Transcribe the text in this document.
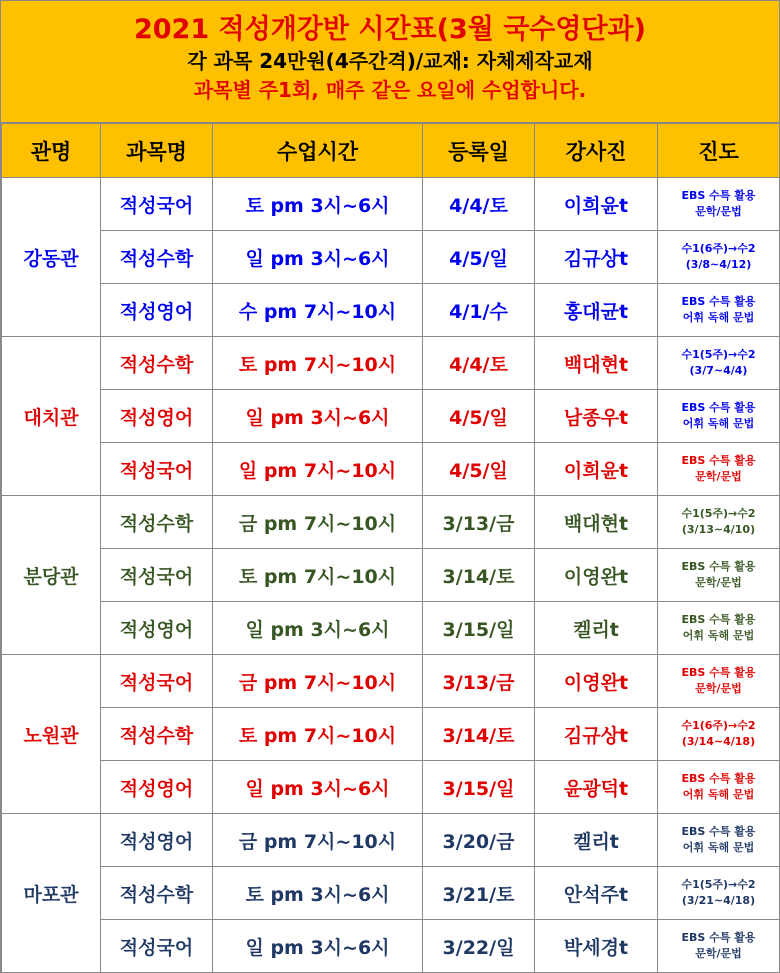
2021 적성개강반 시간표(3월 국수영단과)
각 과목 24만원(4주간격)/교재: 자체제작교재
과목별 주1회, 매주 같은 요일에 수업합니다.
관명	과목명	수업시간	등록일	강사진	진도
강동관	적성국어	토 pm 3시~6시	4/4/토	이희윤t	EBS 수특 활용
문학/문법

	적성수학	일 pm 3시~6시	4/5/일	김규상t	수1(6주)→수2
(3/8~4/12)

	적성영어	수 pm 7시~10시	4/1/수	홍대균t	EBS 수특 활용
어휘 독해 문법

대치관	적성수학	토 pm 7시~10시	4/4/토	백대현t	수1(5주)→수2
(3/7~4/4)

	적성영어	일 pm 3시~6시	4/5/일	남종우t	EBS 수특 활용
어휘 독해 문법

	적성국어	일 pm 7시~10시	4/5/일	이희윤t	EBS 수특 활용
문학/문법

분당관	적성수학	금 pm 7시~10시	3/13/금	백대현t	수1(5주)→수2
(3/13~4/10)

	적성국어	토 pm 7시~10시	3/14/토	이영완t	EBS 수특 활용
문학/문법

	적성영어	일 pm 3시~6시	3/15/일	켈리t	EBS 수특 활용
어휘 독해 문법

노원관	적성국어	금 pm 7시~10시	3/13/금	이영완t	EBS 수특 활용
문학/문법

	적성수학	토 pm 7시~10시	3/14/토	김규상t	수1(6주)→수2
(3/14~4/18)

	적성영어	일 pm 3시~6시	3/15/일	윤광덕t	EBS 수특 활용
어휘 독해 문법

마포관	적성영어	금 pm 7시~10시	3/20/금	켈리t	EBS 수특 활용
어휘 독해 문법

	적성수학	토 pm 3시~6시	3/21/토	안석주t	수1(5주)→수2
(3/21~4/18)

	적성국어	일 pm 3시~6시	3/22/일	박세경t	EBS 수특 활용
문학/문법
